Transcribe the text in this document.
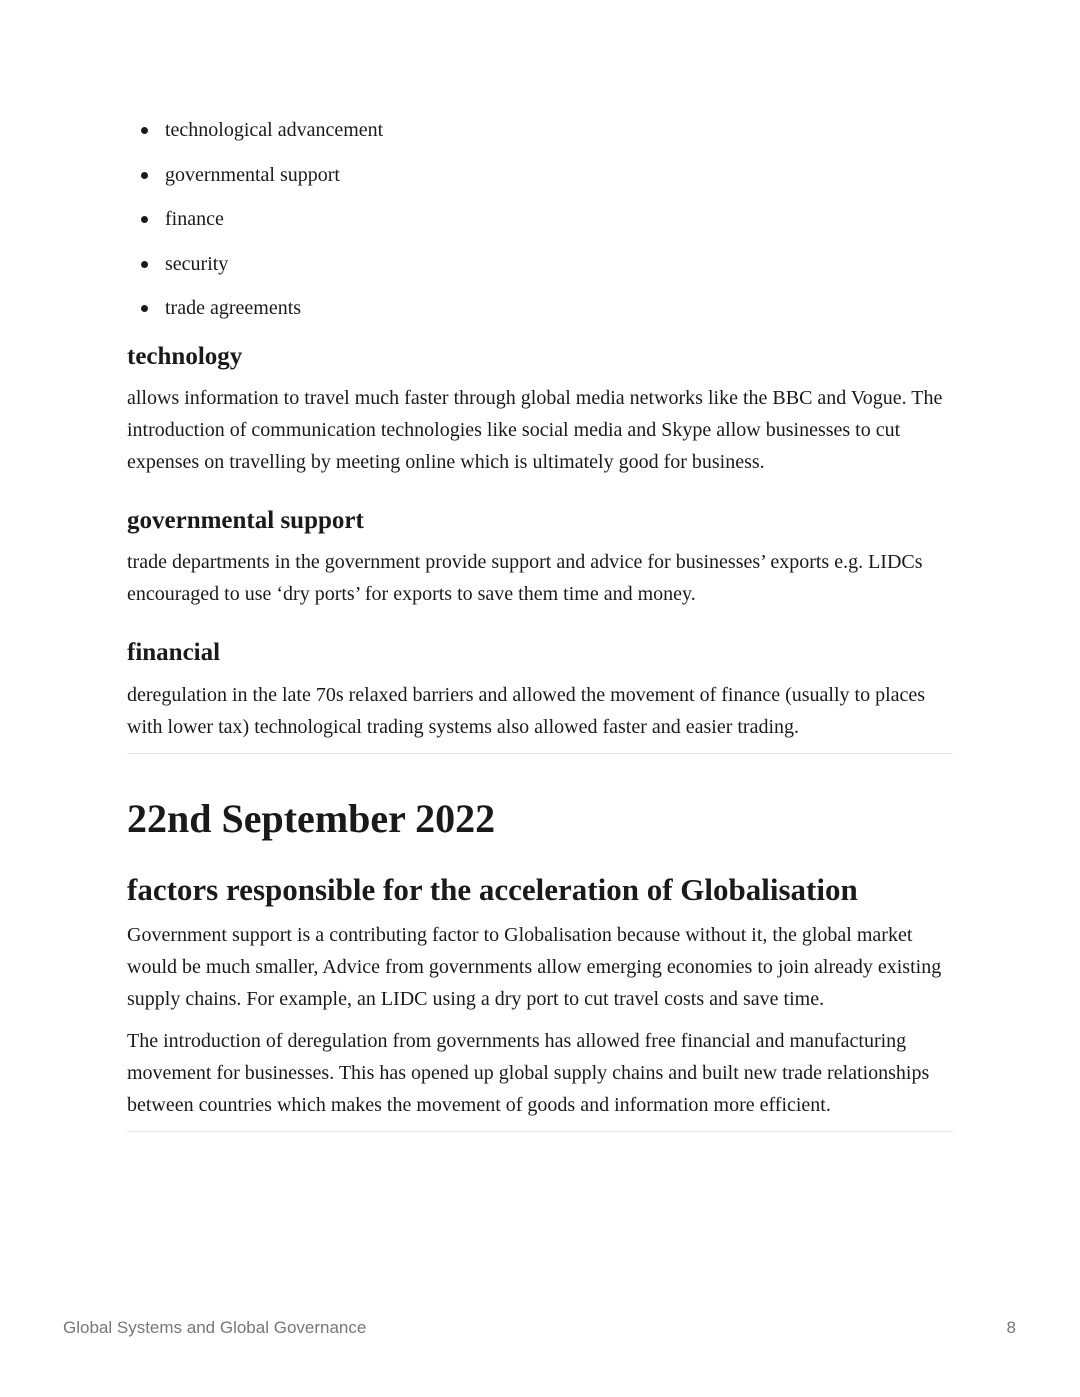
technological advancement
governmental support
finance
security
trade agreements
technology

allows information to travel much faster through global media networks like the BBC and Vogue. The introduction of communication technologies like social media and Skype allow businesses to cut expenses on travelling by meeting online which is ultimately good for business.

governmental support

trade departments in the government provide support and advice for businesses’ exports e.g. LIDCs encouraged to use ‘dry ports’ for exports to save them time and money.

financial

deregulation in the late 70s relaxed barriers and allowed the movement of finance (usually to places with lower tax) technological trading systems also allowed faster and easier trading.

22nd September 2022
factors responsible for the acceleration of Globalisation

Government support is a contributing factor to Globalisation because without it, the global market would be much smaller, Advice from governments allow emerging economies to join already existing supply chains. For example, an LIDC using a dry port to cut travel costs and save time.

The introduction of deregulation from governments has allowed free financial and manufacturing movement for businesses. This has opened up global supply chains and built new trade relationships between countries which makes the movement of goods and information more efficient.

Global Systems and Global Governance	8
